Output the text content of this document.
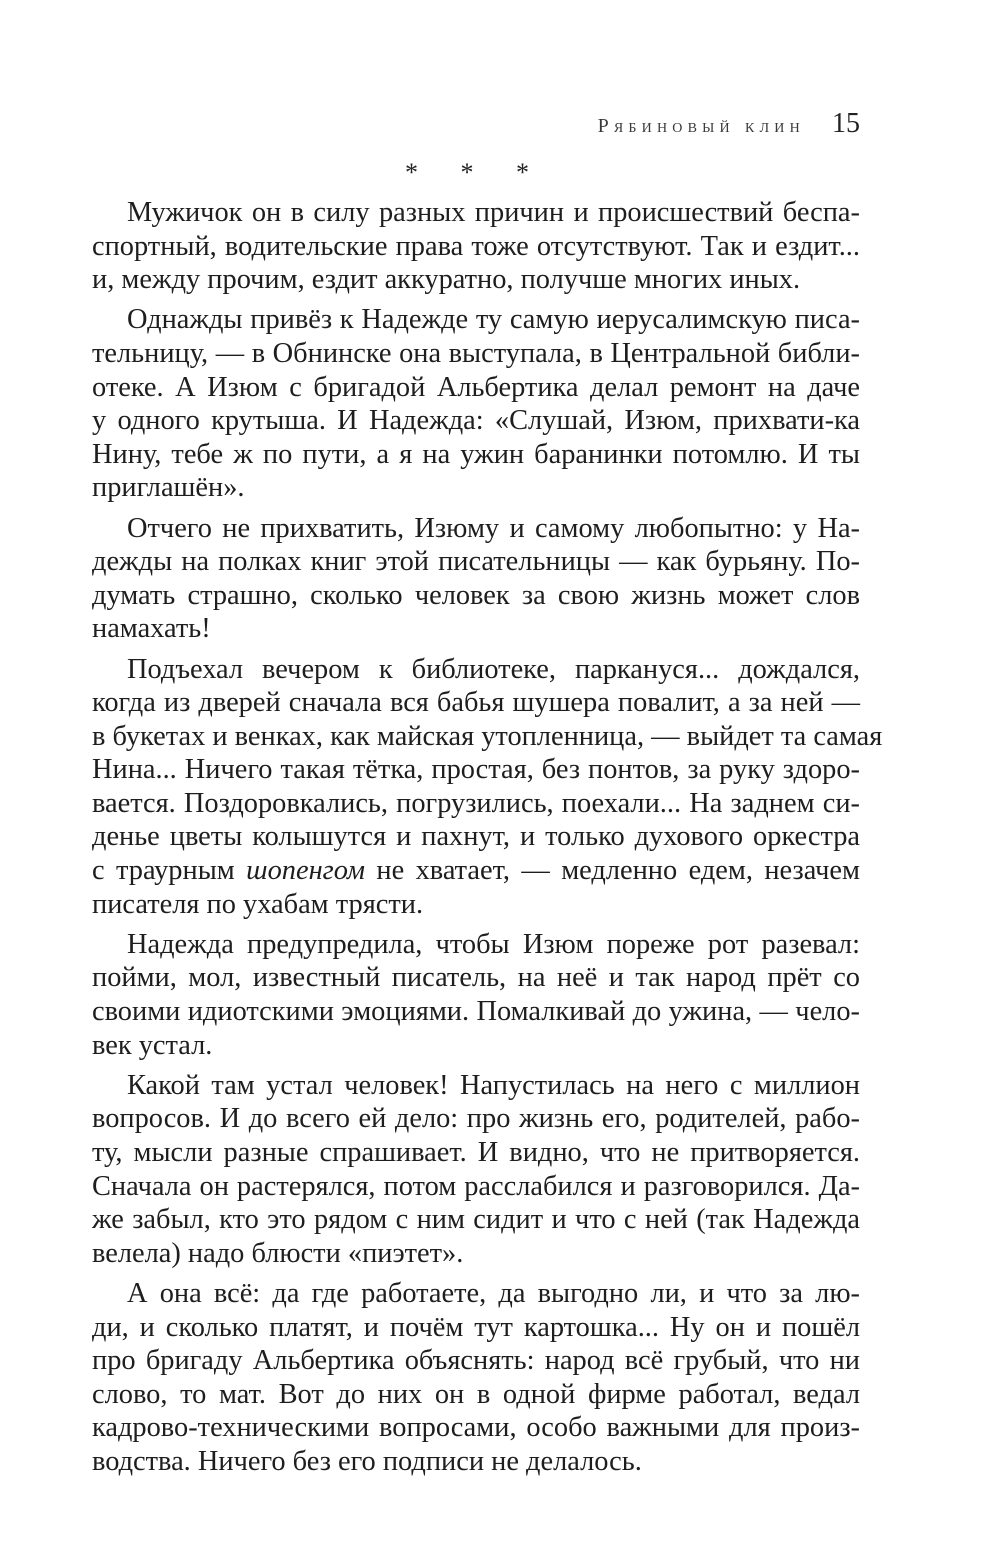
Рябиновый клин 15
* * *

Мужичок он в силу разных причин и происшествий беспа-
спортный, водительские права тоже отсутствуют. Так и ездит...
и, между прочим, ездит аккуратно, получше многих иных.

Однажды привёз к Надежде ту самую иерусалимскую писа-
тельницу, — в Обнинске она выступала, в Центральной библи-
отеке. А Изюм с бригадой Альбертика делал ремонт на даче
у одного крутыша. И Надежда: «Слушай, Изюм, прихвати-ка
Нину, тебе ж по пути, а я на ужин баранинки потомлю. И ты
приглашён».

Отчего не прихватить, Изюму и самому любопытно: у На-
дежды на полках книг этой писательницы — как бурьяну. По-
думать страшно, сколько человек за свою жизнь может слов
намахать!

Подъехал вечером к библиотеке, паркануся... дождался,
когда из дверей сначала вся бабья шушера повалит, а за ней —
в букетах и венках, как майская утопленница, — выйдет та самая
Нина... Ничего такая тётка, простая, без понтов, за руку здоро-
вается. Поздоровкались, погрузились, поехали... На заднем си-
денье цветы колышутся и пахнут, и только духового оркестра
с траурным шопенгом не хватает, — медленно едем, незачем
писателя по ухабам трясти.

Надежда предупредила, чтобы Изюм пореже рот разевал:
пойми, мол, известный писатель, на неё и так народ прёт со
своими идиотскими эмоциями. Помалкивай до ужина, — чело-
век устал.

Какой там устал человек! Напустилась на него с миллион
вопросов. И до всего ей дело: про жизнь его, родителей, рабо-
ту, мысли разные спрашивает. И видно, что не притворяется.
Сначала он растерялся, потом расслабился и разговорился. Да-
же забыл, кто это рядом с ним сидит и что с ней (так Надежда
велела) надо блюсти «пиэтет».

А она всё: да где работаете, да выгодно ли, и что за лю-
ди, и сколько платят, и почём тут картошка... Ну он и пошёл
про бригаду Альбертика объяснять: народ всё грубый, что ни
слово, то мат. Вот до них он в одной фирме работал, ведал
кадрово-техническими вопросами, особо важными для произ-
водства. Ничего без его подписи не делалось.
